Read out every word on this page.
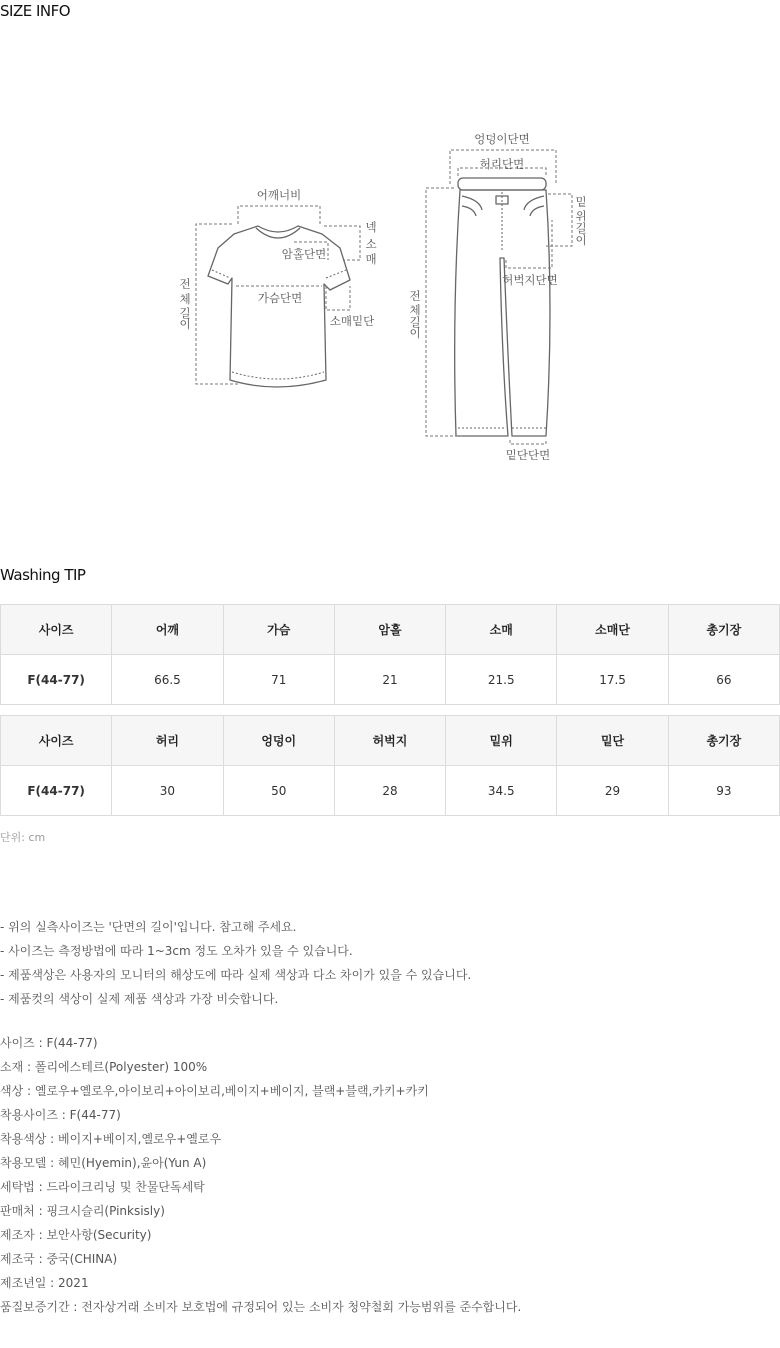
SIZE INFO
어깨너비
암홀단면
넥
소
매
가슴단면
전
체
길
이	소매밑단
엉덩이단면
허리단면
밑
위
길
이
허벅지단면
전
체
길
이
밑단단면
Washing TIP
사이즈	어깨	가슴	암홀	소매	소매단	총기장
F(44-77)	66.5	71	21	21.5	17.5	66
사이즈	허리	엉덩이	허벅지	밑위	밑단	총기장
F(44-77)	30	50	28	34.5	29	93
단위: cm
- 위의 실측사이즈는 '단면의 길이'입니다. 참고해 주세요.
- 사이즈는 측정방법에 따라 1~3cm 정도 오차가 있을 수 있습니다.
- 제품색상은 사용자의 모니터의 해상도에 따라 실제 색상과 다소 차이가 있을 수 있습니다.
- 제품컷의 색상이 실제 제품 색상과 가장 비슷합니다.
사이즈 : F(44-77)
소재 : 폴리에스테르(Polyester) 100%
색상 : 옐로우+옐로우,아이보리+아이보리,베이지+베이지, 블랙+블랙,카키+카키
착용사이즈 : F(44-77)
착용색상 : 베이지+베이지,옐로우+옐로우
착용모델 : 혜민(Hyemin),윤아(Yun A)
세탁법 : 드라이크리닝 및 찬물단독세탁
판매처 : 핑크시슬리(Pinksisly)
제조자 : 보안사항(Security)
제조국 : 중국(CHINA)
제조년일 : 2021
품질보증기간 : 전자상거래 소비자 보호법에 규정되어 있는 소비자 청약철회 가능범위를 준수합니다.
